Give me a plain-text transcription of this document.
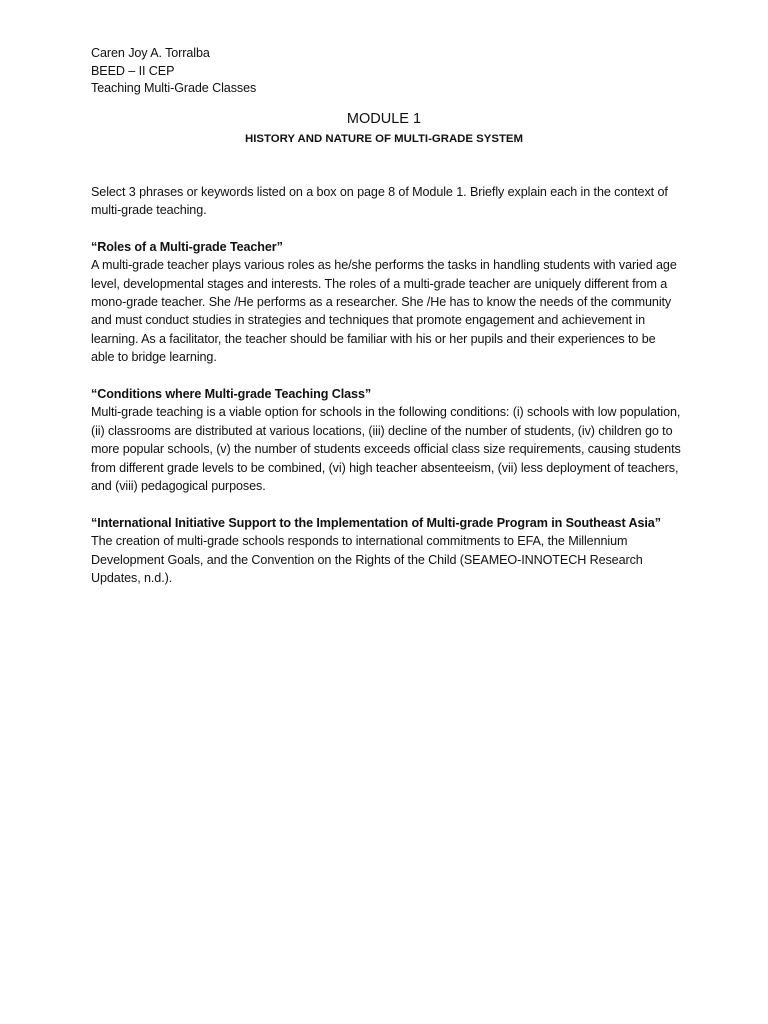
Caren Joy A. Torralba

BEED – II CEP

Teaching Multi-Grade Classes

MODULE 1

HISTORY AND NATURE OF MULTI-GRADE SYSTEM

Select 3 phrases or keywords listed on a box on page 8 of Module 1. Briefly explain each in the context of multi-grade teaching.

“Roles of a Multi-grade Teacher”

A multi-grade teacher plays various roles as he/she performs the tasks in handling students with varied age level, developmental stages and interests. The roles of a multi-grade teacher are uniquely different from a mono-grade teacher. She /He performs as a researcher. She /He has to know the needs of the community and must conduct studies in strategies and techniques that promote engagement and achievement in learning. As a facilitator, the teacher should be familiar with his or her pupils and their experiences to be able to bridge learning.

“Conditions where Multi-grade Teaching Class”

Multi-grade teaching is a viable option for schools in the following conditions: (i) schools with low population, (ii) classrooms are distributed at various locations, (iii) decline of the number of students, (iv) children go to more popular schools, (v) the number of students exceeds official class size requirements, causing students from different grade levels to be combined, (vi) high teacher absenteeism, (vii) less deployment of teachers, and (viii) pedagogical purposes.

“International Initiative Support to the Implementation of Multi-grade Program in Southeast Asia”

The creation of multi-grade schools responds to international commitments to EFA, the Millennium Development Goals, and the Convention on the Rights of the Child (SEAMEO-INNOTECH Research Updates, n.d.).
